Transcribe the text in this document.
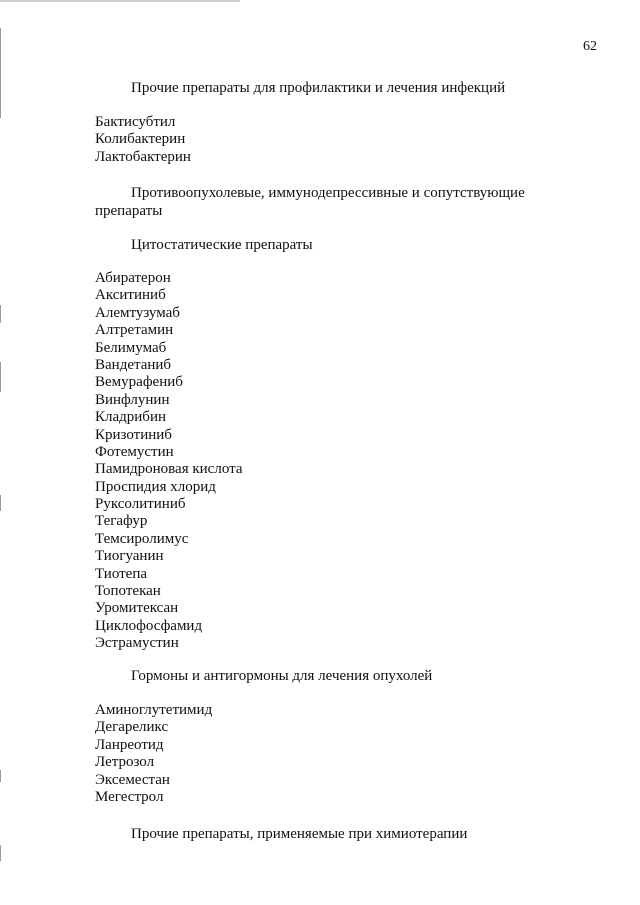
62
Прочие препараты для профилактики и лечения инфекций
Бактисубтил
Колибактерин
Лактобактерин
Противоопухолевые, иммунодепрессивные и сопутствующие препараты
Цитостатические препараты
Абиратерон
Акситиниб
Алемтузумаб
Алтретамин
Белимумаб
Вандетаниб
Вемурафениб
Винфлунин
Кладрибин
Кризотиниб
Фотемустин
Памидроновая кислота
Проспидия хлорид
Руксолитиниб
Тегафур
Темсиролимус
Тиогуанин
Тиотепа
Топотекан
Уромитексан
Циклофосфамид
Эстрамустин
Гормоны и антигормоны для лечения опухолей
Аминоглутетимид
Дегареликс
Ланреотид
Летрозол
Эксеместан
Мегестрол
Прочие препараты, применяемые при химиотерапии
